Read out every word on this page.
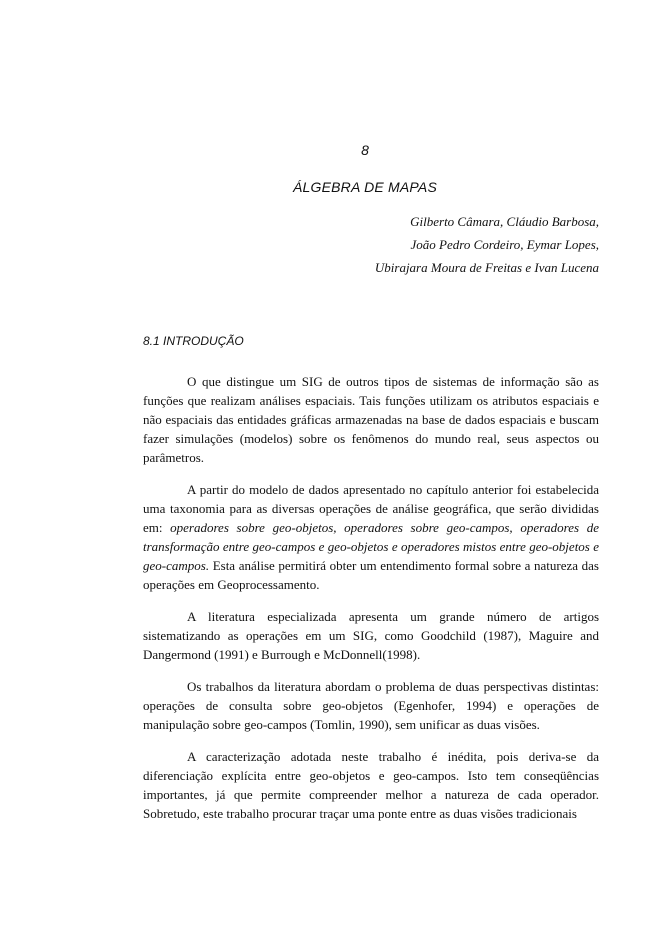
8
ÁLGEBRA DE MAPAS
Gilberto Câmara, Cláudio Barbosa,
João Pedro Cordeiro, Eymar Lopes,
Ubirajara Moura de Freitas e Ivan Lucena
8.1 INTRODUÇÃO

O que distingue um SIG de outros tipos de sistemas de informação são as funções que realizam análises espaciais. Tais funções utilizam os atributos espaciais e não espaciais das entidades gráficas armazenadas na base de dados espaciais e buscam fazer simulações (modelos) sobre os fenômenos do mundo real, seus aspectos ou parâmetros.

A partir do modelo de dados apresentado no capítulo anterior foi estabelecida uma taxonomia para as diversas operações de análise geográfica, que serão divididas em: operadores sobre geo-objetos, operadores sobre geo-campos, operadores de transformação entre geo-campos e geo-objetos e operadores mistos entre geo-objetos e geo-campos. Esta análise permitirá obter um entendimento formal sobre a natureza das operações em Geoprocessamento.

A literatura especializada apresenta um grande número de artigos sistematizando as operações em um SIG, como Goodchild (1987), Maguire and Dangermond (1991) e Burrough e McDonnell(1998).

Os trabalhos da literatura abordam o problema de duas perspectivas distintas: operações de consulta sobre geo-objetos (Egenhofer, 1994) e operações de manipulação sobre geo-campos (Tomlin, 1990), sem unificar as duas visões.

A caracterização adotada neste trabalho é inédita, pois deriva-se da diferenciação explícita entre geo-objetos e geo-campos. Isto tem conseqüências importantes, já que permite compreender melhor a natureza de cada operador. Sobretudo, este trabalho procurar traçar uma ponte entre as duas visões tradicionais
